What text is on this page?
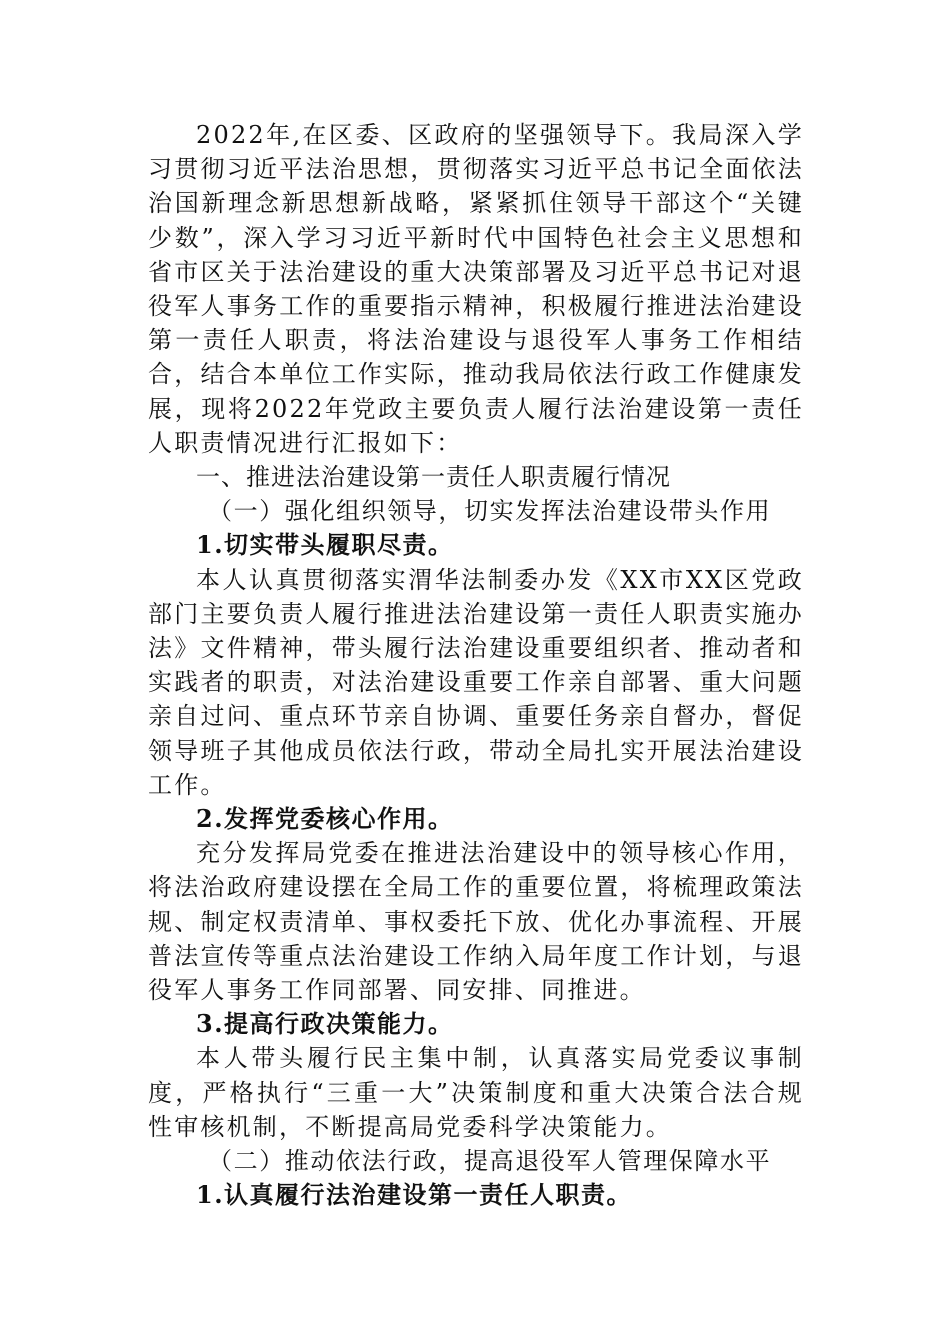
2022年,在区委、区政府的坚强领导下。我局深入学习贯彻习近平法治思想，贯彻落实习近平总书记全面依法治国新理念新思想新战略，紧紧抓住领导干部这个“关键少数”，深入学习习近平新时代中国特色社会主义思想和省市区关于法治建设的重大决策部署及习近平总书记对退役军人事务工作的重要指示精神，积极履行推进法治建设第一责任人职责，将法治建设与退役军人事务工作相结合，结合本单位工作实际，推动我局依法行政工作健康发展，现将2022年党政主要负责人履行法治建设第一责任人职责情况进行汇报如下：

一、推进法治建设第一责任人职责履行情况

（一）强化组织领导，切实发挥法治建设带头作用

1.切实带头履职尽责。

本人认真贯彻落实渭华法制委办发《XX市XX区党政部门主要负责人履行推进法治建设第一责任人职责实施办法》文件精神，带头履行法治建设重要组织者、推动者和实践者的职责，对法治建设重要工作亲自部署、重大问题亲自过问、重点环节亲自协调、重要任务亲自督办，督促领导班子其他成员依法行政，带动全局扎实开展法治建设工作。

2.发挥党委核心作用。

充分发挥局党委在推进法治建设中的领导核心作用，将法治政府建设摆在全局工作的重要位置，将梳理政策法规、制定权责清单、事权委托下放、优化办事流程、开展普法宣传等重点法治建设工作纳入局年度工作计划，与退役军人事务工作同部署、同安排、同推进。

3.提高行政决策能力。

本人带头履行民主集中制，认真落实局党委议事制度，严格执行“三重一大”决策制度和重大决策合法合规性审核机制，不断提高局党委科学决策能力。

（二）推动依法行政，提高退役军人管理保障水平

1.认真履行法治建设第一责任人职责。
